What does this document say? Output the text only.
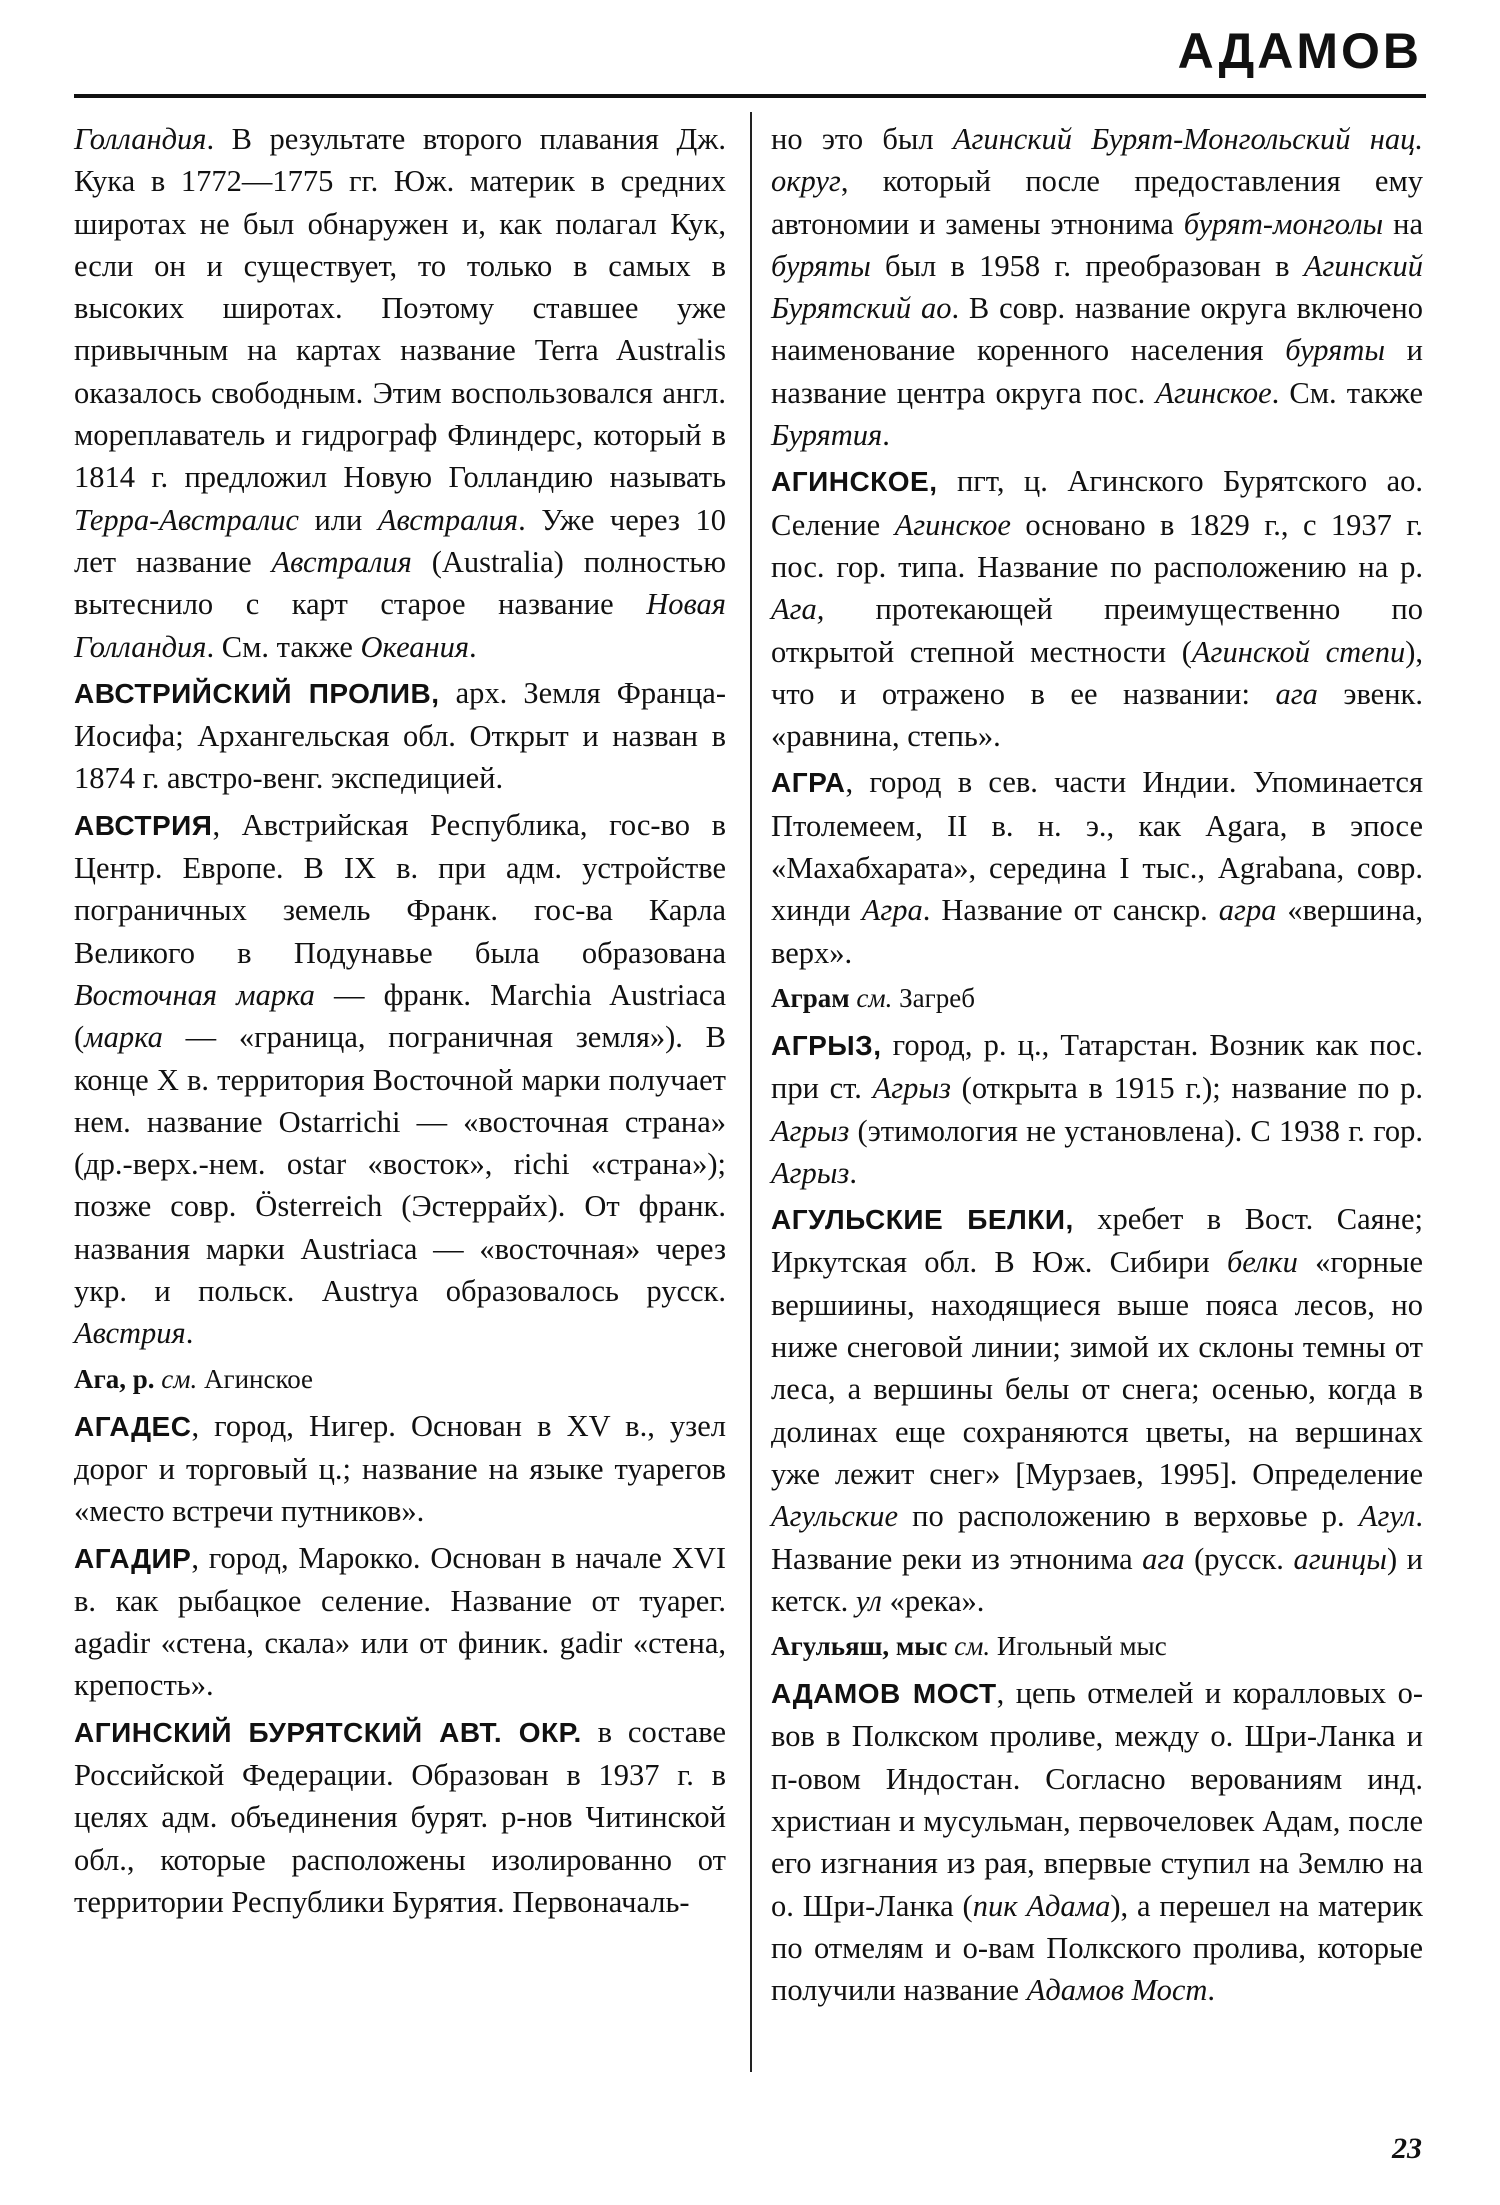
АДАМОВ

Голландия. В результате второго плавания Дж. Кука в 1772—1775 гг. Юж. материк в средних широтах не был обнаружен и, как полагал Кук, если он и существует, то только в самых в высоких широтах. Поэтому ставшее уже привычным на картах название Terra Australis оказалось свободным. Этим воспользовался англ. мореплаватель и гидрограф Флиндерс, который в 1814 г. предложил Новую Голландию называть Терра-Австралис или Австралия. Уже через 10 лет название Австралия (Australia) полностью вытеснило с карт старое название Новая Голландия. См. также Океания.

АВСТРИЙСКИЙ ПРОЛИВ, арх. Земля Франца-Иосифа; Архангельская обл. Открыт и назван в 1874 г. австро-венг. экспедицией.

АВСТРИЯ, Австрийская Республика, гос-во в Центр. Европе. В IX в. при адм. устройстве пограничных земель Франк. гос-ва Карла Великого в Подунавье была образована Восточная марка — франк. Marchia Austriaca (марка — «граница, пограничная земля»). В конце X в. территория Восточной марки получает нем. название Ostarrichi — «восточная страна» (др.-верх.-нем. ostar «восток», richi «страна»); позже совр. Österreich (Эстеррайх). От франк. названия марки Austriaca — «восточная» через укр. и польск. Austrya образовалось русск. Австрия.

Ага, р. см. Агинское

АГАДЕС, город, Нигер. Основан в XV в., узел дорог и торговый ц.; название на языке туарегов «место встречи путников».

АГАДИР, город, Марокко. Основан в начале XVI в. как рыбацкое селение. Название от туарег. agadir «стена, скала» или от финик. gadir «стена, крепость».

АГИНСКИЙ БУРЯТСКИЙ АВТ. ОКР. в составе Российской Федерации. Образован в 1937 г. в целях адм. объединения бурят. р-нов Читинской обл., которые расположены изолированно от территории Республики Бурятия. Первоначаль-

но это был Агинский Бурят-Монгольский нац. округ, который после предоставления ему автономии и замены этнонима бурят-монголы на буряты был в 1958 г. преобразован в Агинский Бурятский ао. В совр. название округа включено наименование коренного населения буряты и название центра округа пос. Агинское. См. также Бурятия.

АГИНСКОЕ, пгт, ц. Агинского Бурятского ао. Селение Агинское основано в 1829 г., с 1937 г. пос. гор. типа. Название по расположению на р. Ага, протекающей преимущественно по открытой степной местности (Агинской степи), что и отражено в ее названии: ага эвенк. «равнина, степь».

АГРА, город в сев. части Индии. Упоминается Птолемеем, II в. н. э., как Agara, в эпосе «Махабхарата», середина I тыс., Agrabana, совр. хинди Агра. Название от санскр. агра «вершина, верх».

Аграм см. Загреб

АГРЫЗ, город, р. ц., Татарстан. Возник как пос. при ст. Агрыз (открыта в 1915 г.); название по р. Агрыз (этимология не установлена). С 1938 г. гор. Агрыз.

АГУЛЬСКИЕ БЕЛКИ, хребет в Вост. Саяне; Иркутская обл. В Юж. Сибири белки «горные вершиины, находящиеся выше пояса лесов, но ниже снеговой линии; зимой их склоны темны от леса, а вершины белы от снега; осенью, когда в долинах еще сохраняются цветы, на вершинах уже лежит снег» [Мурзаев, 1995]. Определение Агульские по расположению в верховье р. Агул. Название реки из этнонима ага (русск. агинцы) и кетск. ул «река».

Агульяш, мыс см. Игольный мыс

АДАМОВ МОСТ, цепь отмелей и коралловых о-вов в Полкском проливе, между о. Шри-Ланка и п-овом Индостан. Согласно верованиям инд. христиан и мусульман, первочеловек Адам, после его изгнания из рая, впервые ступил на Землю на о. Шри-Ланка (пик Адама), а перешел на материк по отмелям и о-вам Полкского пролива, которые получили название Адамов Мост.

23
